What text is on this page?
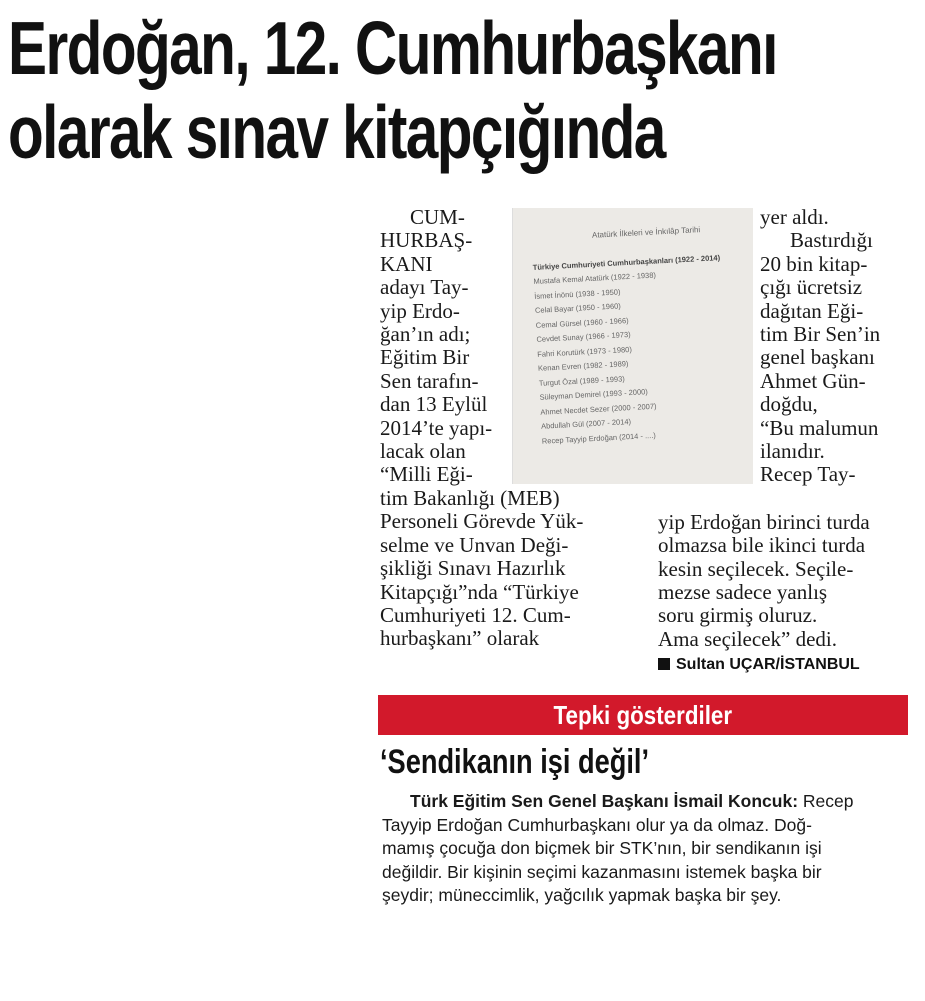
Erdoğan, 12. Cumhurbaşkanı
olarak sınav kitapçığında
CUM-
HURBAŞ-
KANI
adayı Tay-
yip Erdo-
ğan’ın adı;
Eğitim Bir
Sen tarafın-
dan 13 Eylül
2014’te yapı-
lacak olan
“Milli Eği-
tim Bakanlığı (MEB)
Personeli Görevde Yük-
selme ve Unvan Deği-
şikliği Sınavı Hazırlık
Kitapçığı”nda “Türkiye
Cumhuriyeti 12. Cum-
hurbaşkanı” olarak
Atatürk İlkeleri ve İnkılâp Tarihi
Türkiye Cumhuriyeti Cumhurbaşkanları (1922 - 2014)
Mustafa Kemal Atatürk (1922 - 1938)
İsmet İnönü (1938 - 1950)
Celal Bayar (1950 - 1960)
Cemal Gürsel (1960 - 1966)
Cevdet Sunay (1966 - 1973)
Fahri Korutürk (1973 - 1980)
Kenan Evren (1982 - 1989)
Turgut Özal (1989 - 1993)
Süleyman Demirel (1993 - 2000)
Ahmet Necdet Sezer (2000 - 2007)
Abdullah Gül (2007 - 2014)
Recep Tayyip Erdoğan (2014 - ....)
yer aldı.
Bastırdığı
20 bin kitap-
çığı ücretsiz
dağıtan Eği-
tim Bir Sen’in
genel başkanı
Ahmet Gün-
doğdu,
“Bu malumun
ilanıdır.
Recep Tay-
yip Erdoğan birinci turda
olmazsa bile ikinci turda
kesin seçilecek. Seçile-
mezse sadece yanlış
soru girmiş oluruz.
Ama seçilecek” dedi.
Sultan UÇAR/İSTANBUL
Tepki gösterdiler
‘Sendikanın işi değil’
Türk Eğitim Sen Genel Başkanı İsmail Koncuk: Recep
Tayyip Erdoğan Cumhurbaşkanı olur ya da olmaz. Doğ-
mamış çocuğa don biçmek bir STK’nın, bir sendikanın işi
değildir. Bir kişinin seçimi kazanmasını istemek başka bir
şeydir; müneccimlik, yağcılık yapmak başka bir şey.
